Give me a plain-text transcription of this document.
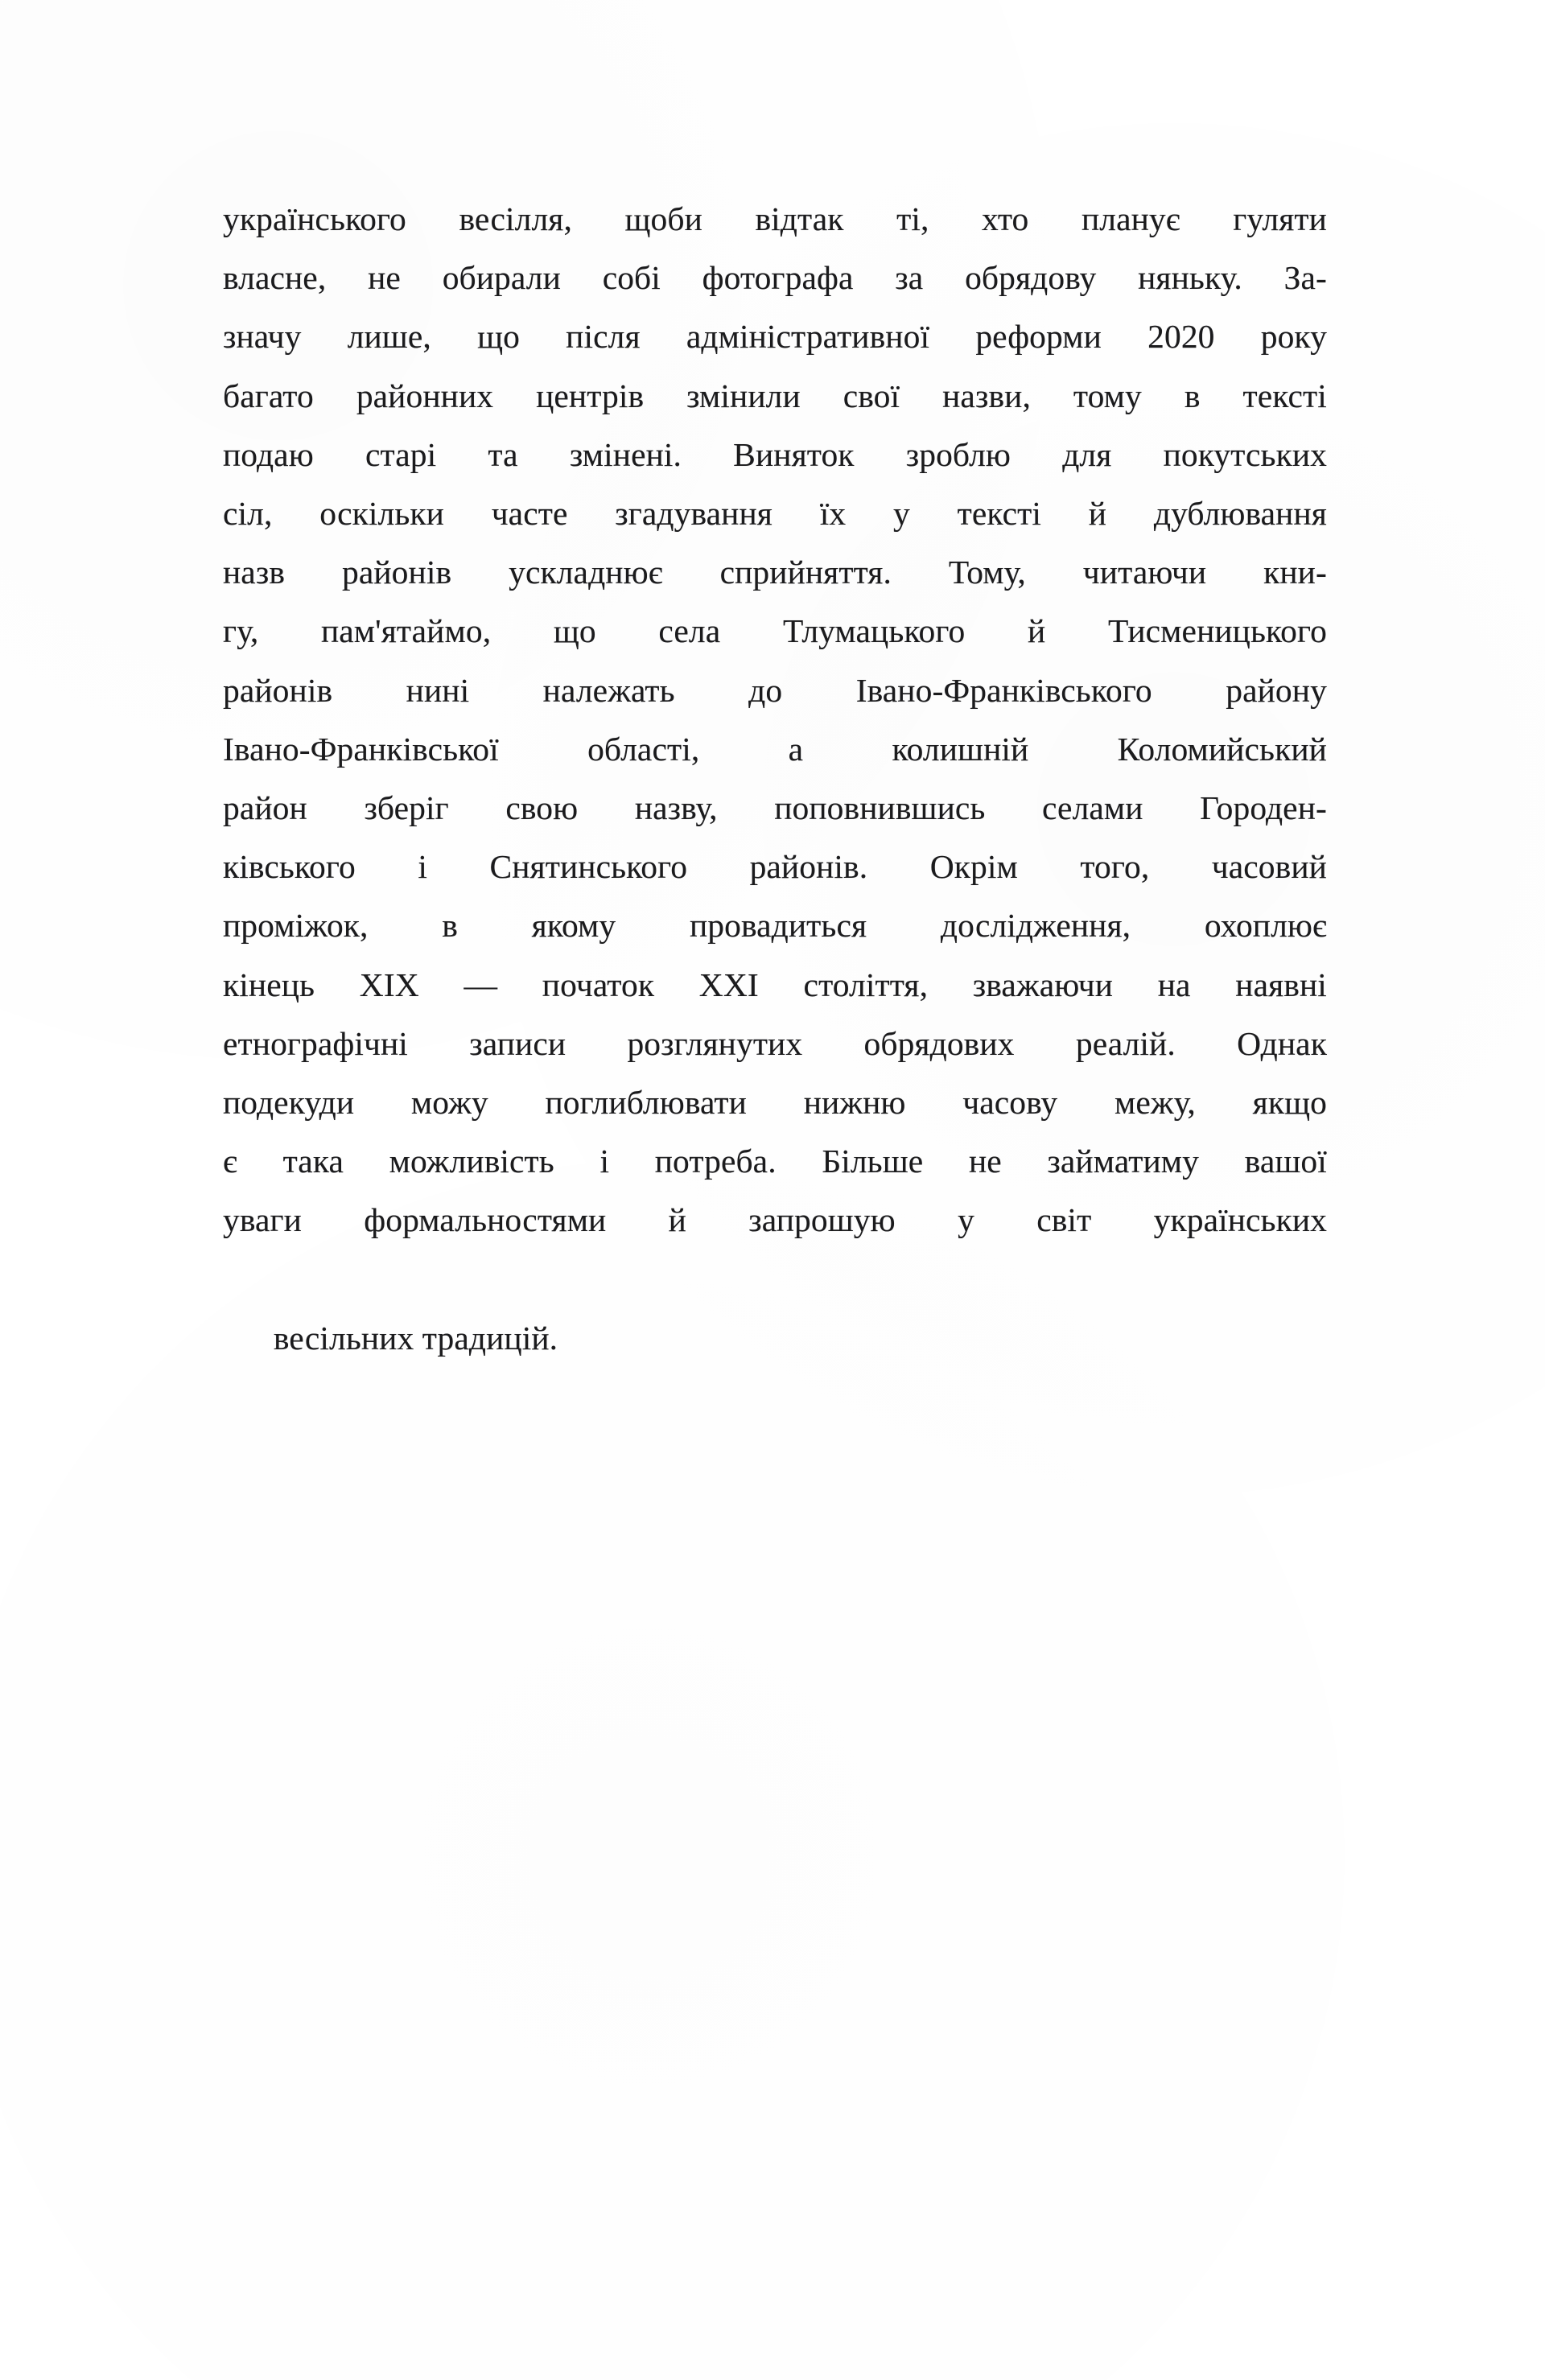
українського весілля, щоби відтак ті, хто планує гуляти
власне, не обирали собі фотографа за обрядову няньку. За-
значу лише, що після адміністративної реформи 2020 року
багато районних центрів змінили свої назви, тому в тексті
подаю старі та змінені. Виняток зроблю для покутських
сіл, оскільки часте згадування їх у тексті й дублювання
назв районів ускладнює сприйняття. Тому, читаючи кни-
гу, пам'ятаймо, що села Тлумацького й Тисменицького
районів нині належать до Івано-Франківського району
Івано-Франківської	області,	а	колишній	Коломийський
район зберіг свою назву, поповнившись селами Городен-
ківського і Снятинського районів. Окрім того, часовий
проміжок, в якому провадиться дослідження, охоплює
кінець XIX — початок XXI століття, зважаючи на наявні
етнографічні записи розглянутих обрядових реалій. Однак
подекуди можу поглиблювати нижню часову межу, якщо
є така можливість і потреба. Більше не займатиму вашої
уваги формальностями й запрошую у світ українських

весільних традицій.
